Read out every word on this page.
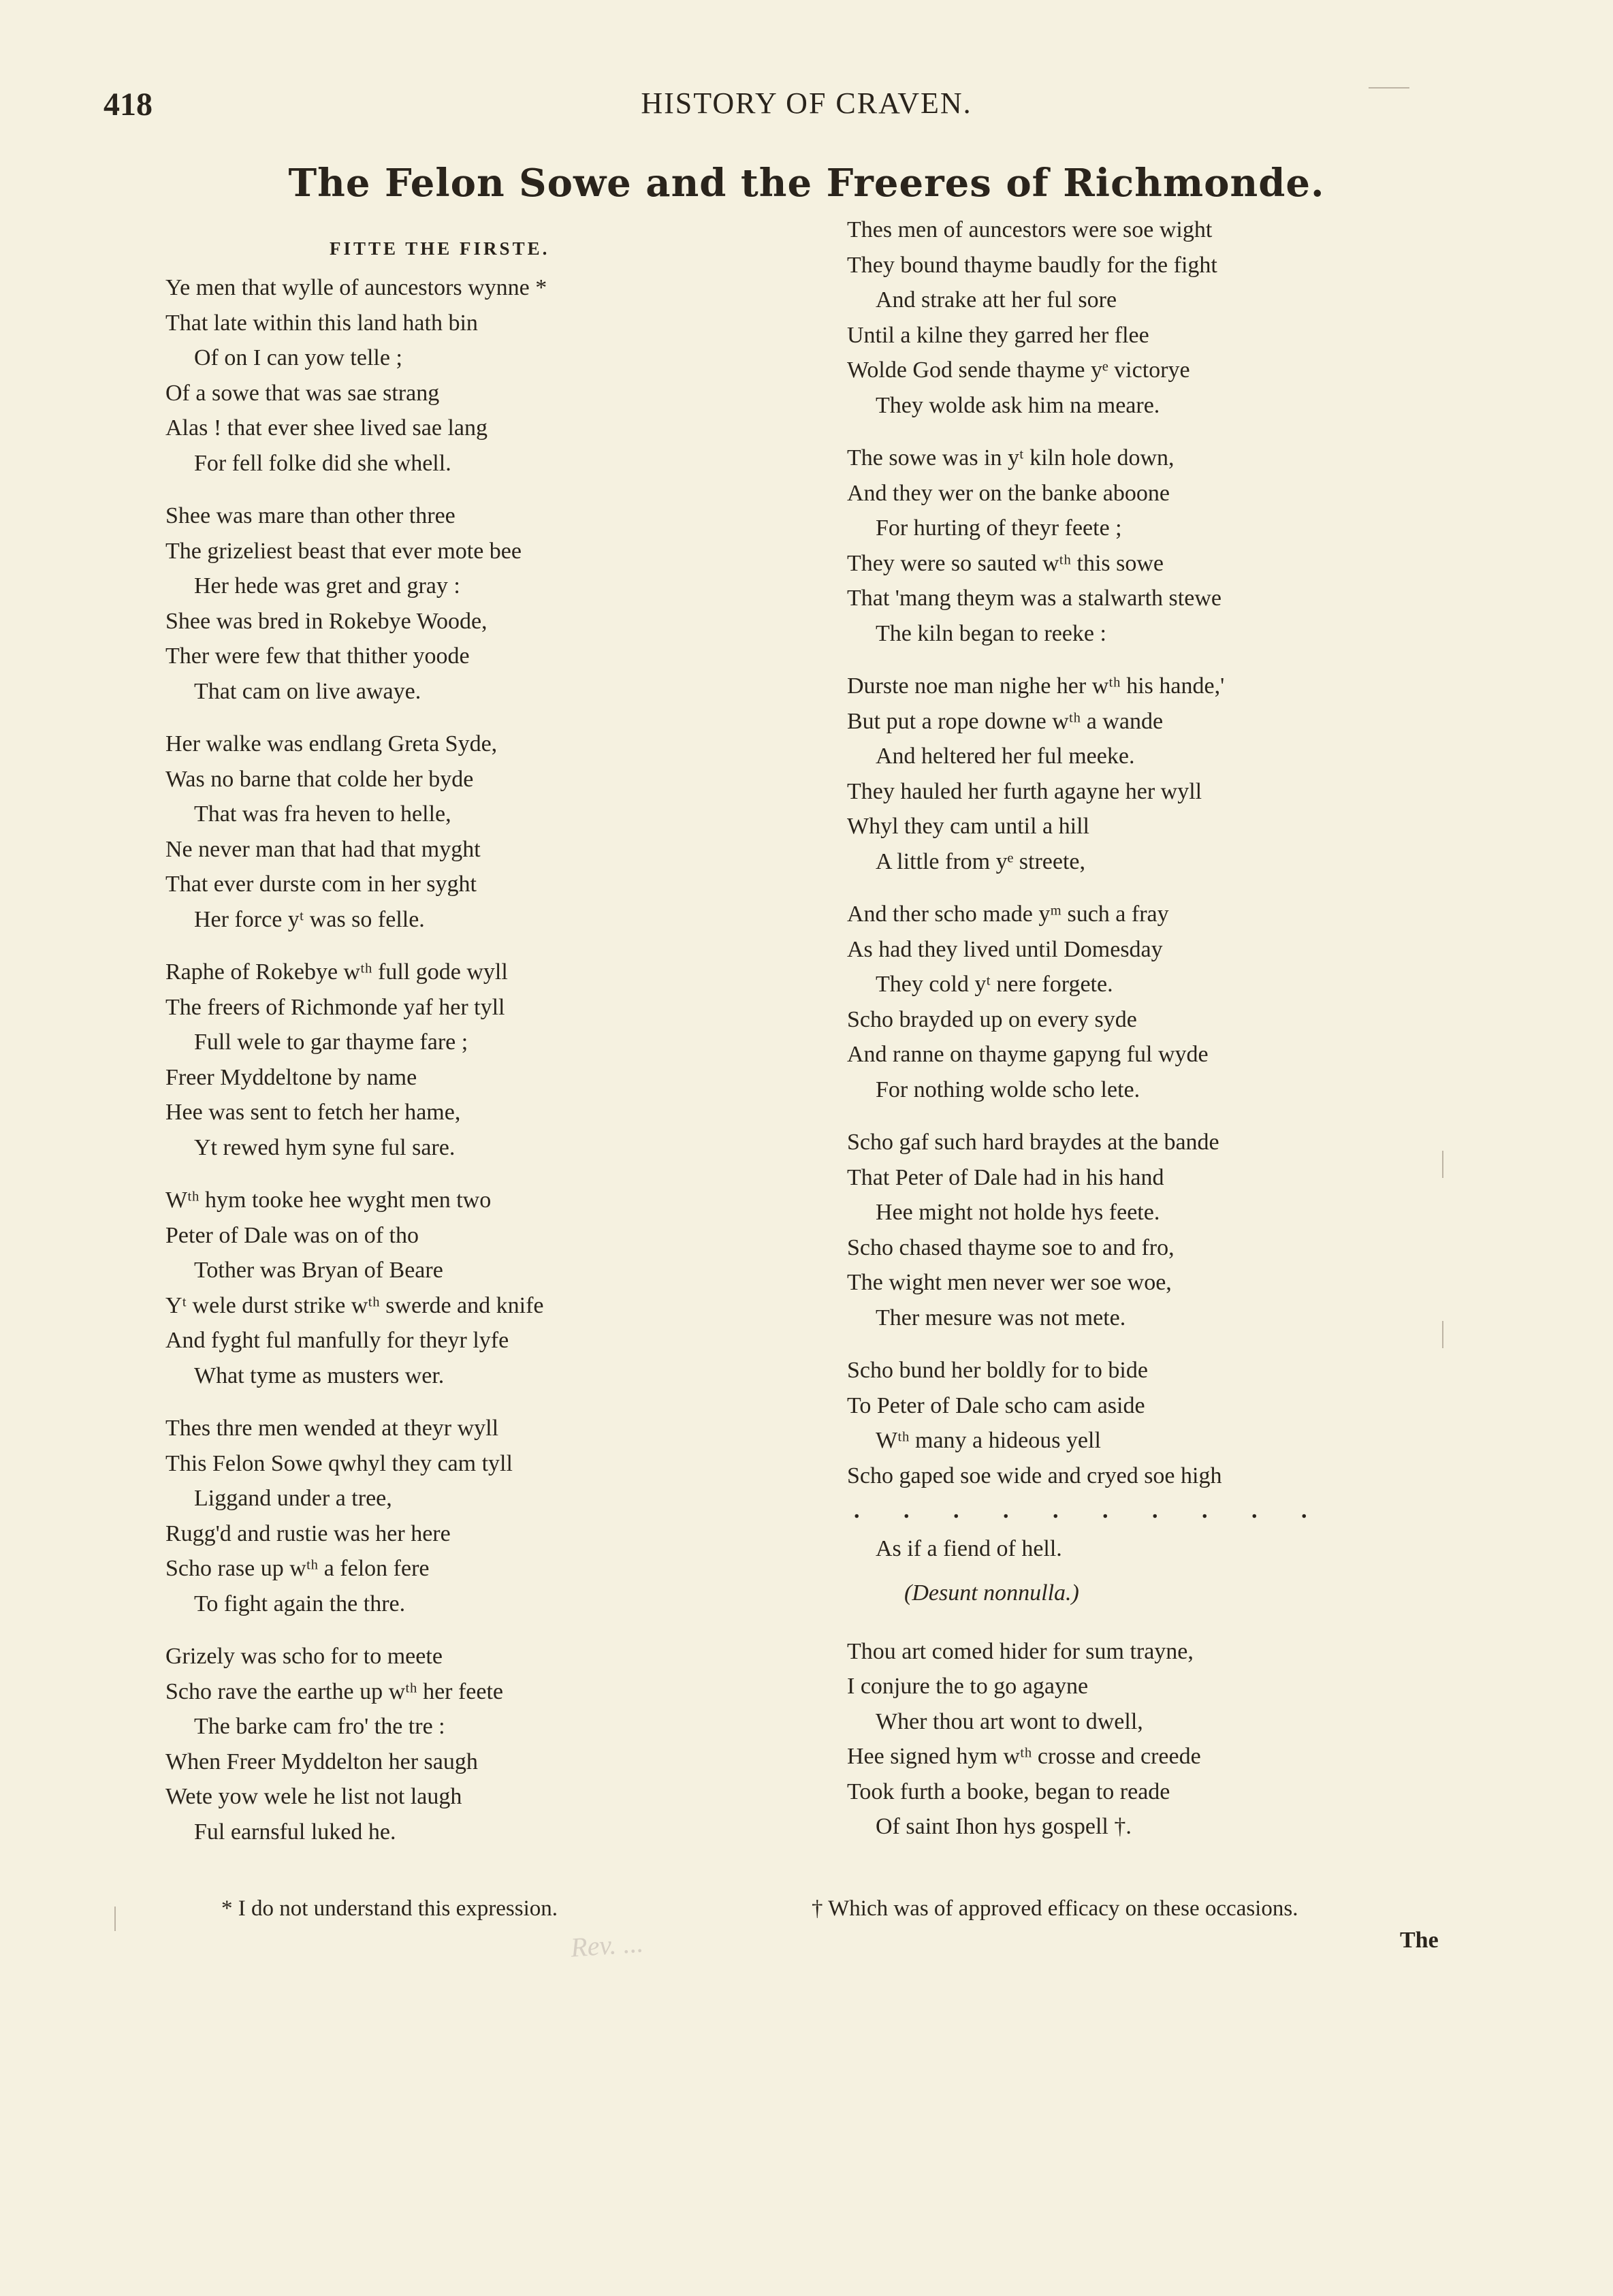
418	HISTORY OF CRAVEN.
The Felon Sowe and the Freeres of Richmonde.
FITTE THE FIRSTE.
Ye men that wylle of auncestors wynne *
That late within this land hath bin
Of on I can yow telle ;
Of a sowe that was sae strang
Alas ! that ever shee lived sae lang
For fell folke did she whell.
Shee was mare than other three
The grizeliest beast that ever mote bee
Her hede was gret and gray :
Shee was bred in Rokebye Woode,
Ther were few that thither yoode
That cam on live awaye.
Her walke was endlang Greta Syde,
Was no barne that colde her byde
That was fra heven to helle,
Ne never man that had that myght
That ever durste com in her syght
Her force yᵗ was so felle.
Raphe of Rokebye wᵗʰ full gode wyll
The freers of Richmonde yaf her tyll
Full wele to gar thayme fare ;
Freer Myddeltone by name
Hee was sent to fetch her hame,
Yt rewed hym syne ful sare.
Wᵗʰ hym tooke hee wyght men two
Peter of Dale was on of tho
Tother was Bryan of Beare
Yᵗ wele durst strike wᵗʰ swerde and knife
And fyght ful manfully for theyr lyfe
What tyme as musters wer.
Thes thre men wended at theyr wyll
This Felon Sowe qwhyl they cam tyll
Liggand under a tree,
Rugg'd and rustie was her here
Scho rase up wᵗʰ a felon fere
To fight again the thre.
Grizely was scho for to meete
Scho rave the earthe up wᵗʰ her feete
The barke cam fro' the tre :
When Freer Myddelton her saugh
Wete yow wele he list not laugh
Ful earnsful luked he.
Thes men of auncestors were soe wight
They bound thayme baudly for the fight
And strake att her ful sore
Until a kilne they garred her flee
Wolde God sende thayme yᵉ victorye
They wolde ask him na meare.
The sowe was in yᵗ kiln hole down,
And they wer on the banke aboone
For hurting of theyr feete ;
They were so sauted wᵗʰ this sowe
That 'mang theym was a stalwarth stewe
The kiln began to reeke :
Durste noe man nighe her wᵗʰ his hande,'
But put a rope downe wᵗʰ a wande
And heltered her ful meeke.
They hauled her furth agayne her wyll
Whyl they cam until a hill
A little from yᵉ streete,
And ther scho made yᵐ such a fray
As had they lived until Domesday
They cold yᵗ nere forgete.
Scho brayded up on every syde
And ranne on thayme gapyng ful wyde
For nothing wolde scho lete.
Scho gaf such hard braydes at the bande
That Peter of Dale had in his hand
Hee might not holde hys feete.
Scho chased thayme soe to and fro,
The wight men never wer soe woe,
Ther mesure was not mete.
Scho bund her boldly for to bide
To Peter of Dale scho cam aside
Wᵗʰ many a hideous yell
Scho gaped soe wide and cryed soe high
. . . . . . . . . .
As if a fiend of hell.
(Desunt nonnulla.)
Thou art comed hider for sum trayne,
I conjure the to go agayne
Wher thou art wont to dwell,
Hee signed hym wᵗʰ crosse and creede
Took furth a booke, began to reade
Of saint Ihon hys gospell †.
* I do not understand this expression.	† Which was of approved efficacy on these occasions.
The
Rev. ...
